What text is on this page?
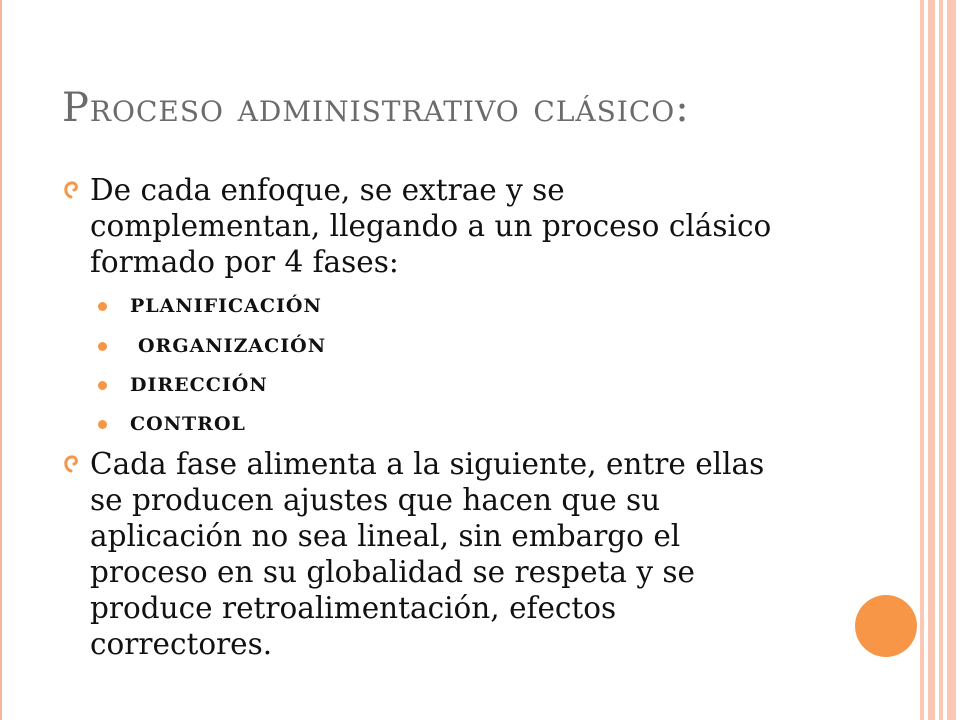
Proceso administrativo clásico:
De cada enfoque, se extrae y se
complementan, llegando a un proceso clásico
formado por 4 fases:
PLANIFICACIÓN
ORGANIZACIÓN
DIRECCIÓN
CONTROL
Cada fase alimenta a la siguiente, entre ellas
se producen ajustes que hacen que su
aplicación no sea lineal, sin embargo el
proceso en su globalidad se respeta y se
produce retroalimentación, efectos
correctores.
